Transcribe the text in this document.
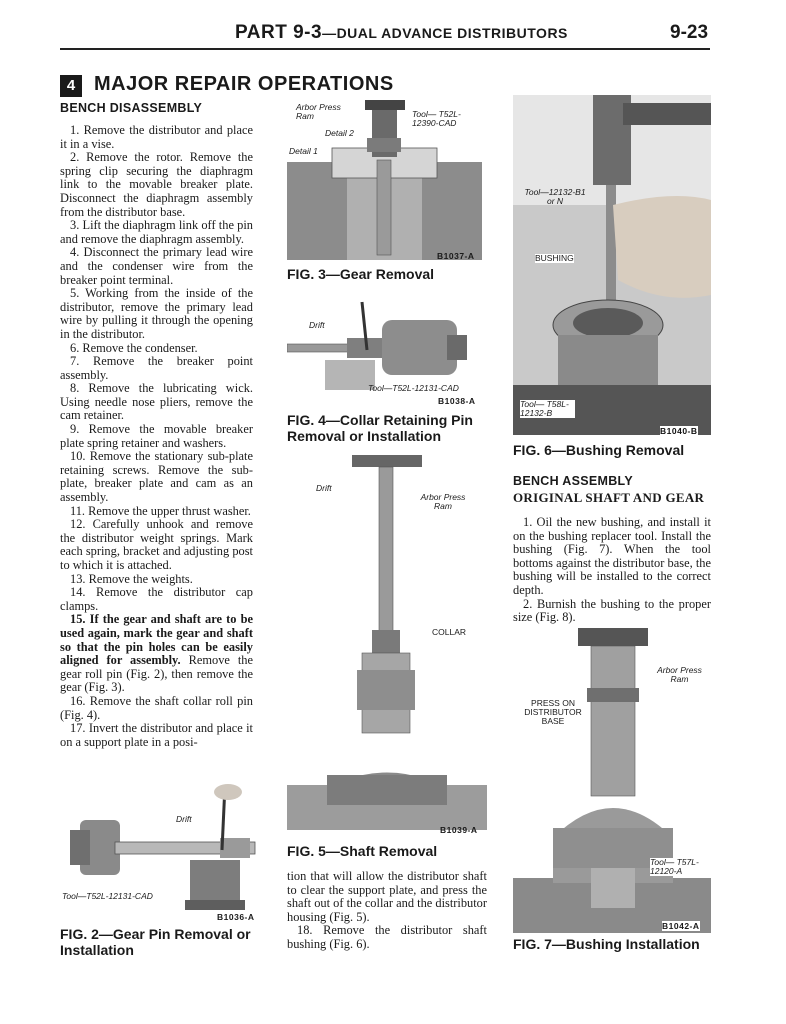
PART 9-3—DUAL ADVANCE DISTRIBUTORS	9-23
4 MAJOR REPAIR OPERATIONS
BENCH DISASSEMBLY

1. Remove the distributor and place it in a vise.

2. Remove the rotor. Remove the spring clip securing the diaphragm link to the movable breaker plate. Disconnect the diaphragm assembly from the distributor base.

3. Lift the diaphragm link off the pin and remove the diaphragm assembly.

4. Disconnect the primary lead wire and the condenser wire from the breaker point terminal.

5. Working from the inside of the distributor, remove the primary lead wire by pulling it through the opening in the distributor.

6. Remove the condenser.

7. Remove the breaker point assembly.

8. Remove the lubricating wick. Using needle nose pliers, remove the cam retainer.

9. Remove the movable breaker plate spring retainer and washers.

10. Remove the stationary sub-plate retaining screws. Remove the sub-plate, breaker plate and cam as an assembly.

11. Remove the upper thrust washer.

12. Carefully unhook and remove the distributor weight springs. Mark each spring, bracket and adjusting post to which it is attached.

13. Remove the weights.

14. Remove the distributor cap clamps.

15. If the gear and shaft are to be used again, mark the gear and shaft so that the pin holes can be easily aligned for assembly. Remove the gear roll pin (Fig. 2), then remove the gear (Fig. 3).

16. Remove the shaft collar roll pin (Fig. 4).

17. Invert the distributor and place it on a support plate in a posi-

Drift
Tool—T52L-12131-CAD
B1036-A
FIG. 2—Gear Pin Removal or Installation
Arbor Press Ram	Tool— T52L-12390-CAD
Detail 2
Detail 1
B1037-A
FIG. 3—Gear Removal
Drift
Tool—T52L-12131-CAD
B1038-A
FIG. 4—Collar Retaining Pin Removal or Installation
Drift
Arbor Press Ram
COLLAR
B1039-A
FIG. 5—Shaft Removal

tion that will allow the distributor shaft to clear the support plate, and press the shaft out of the collar and the distributor housing (Fig. 5).

18. Remove the distributor shaft bushing (Fig. 6).

Tool—12132-B1 or N
BUSHING
Tool— T58L-12132-B
B1040-B
FIG. 6—Bushing Removal
BENCH ASSEMBLY
ORIGINAL SHAFT AND GEAR

1. Oil the new bushing, and install it on the bushing replacer tool. Install the bushing (Fig. 7). When the tool bottoms against the distributor base, the bushing will be installed to the correct depth.

2. Burnish the bushing to the proper size (Fig. 8).

Arbor Press Ram
PRESS ON DISTRIBUTOR BASE
Tool— T57L-12120-A
B1042-A
FIG. 7—Bushing Installation
